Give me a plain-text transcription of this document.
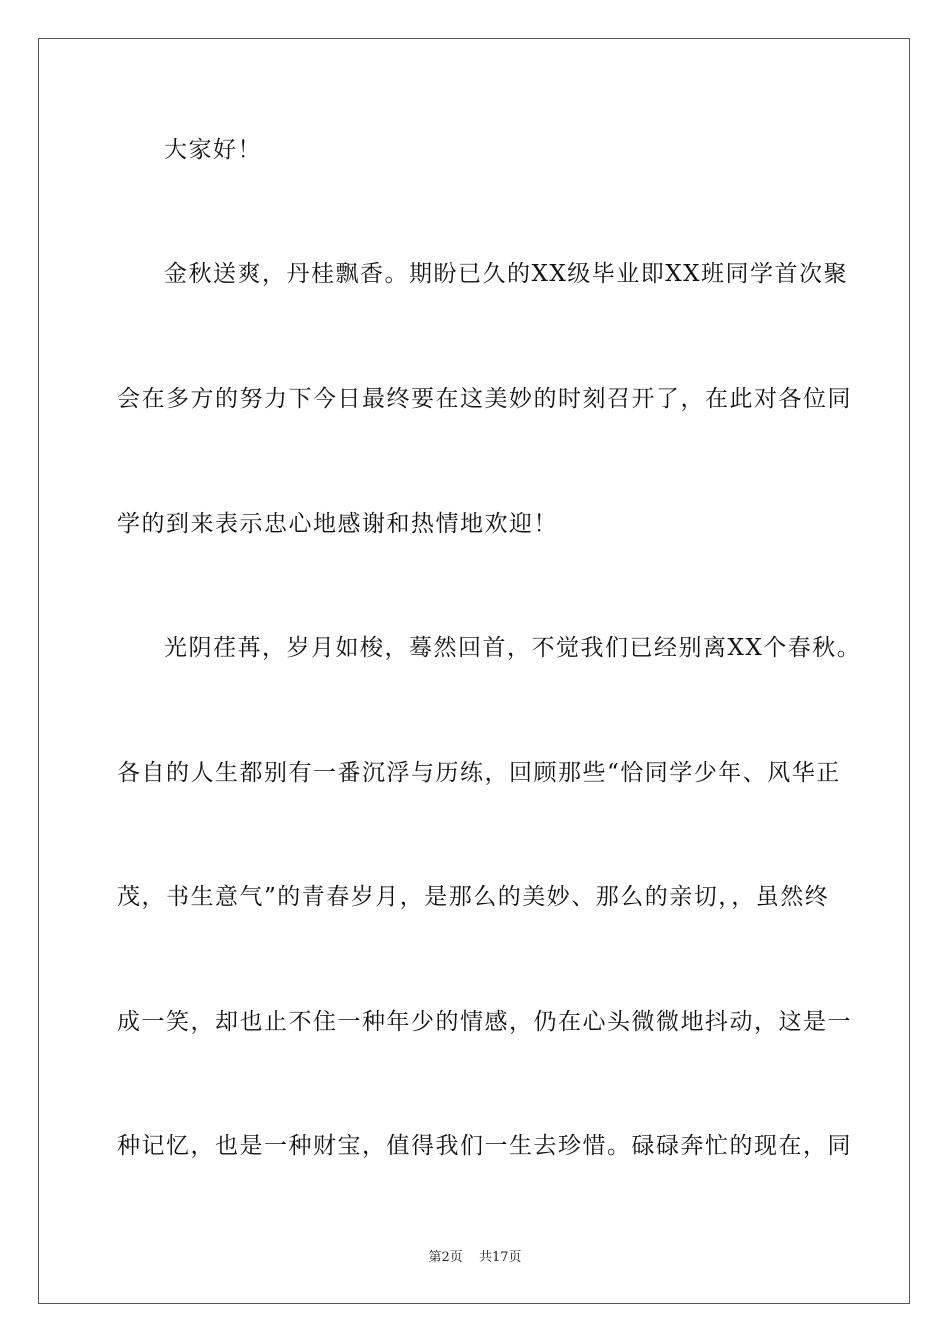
大家好！
金秋送爽，丹桂飘香。期盼已久的XX级毕业即XX班同学首次聚
会在多方的努力下今日最终要在这美妙的时刻召开了，在此对各位同
学的到来表示忠心地感谢和热情地欢迎！
光阴荏苒，岁月如梭，蓦然回首，不觉我们已经别离XX个春秋。
各自的人生都别有一番沉浮与历练，回顾那些“恰同学少年、风华正
茂，书生意气”的青春岁月，是那么的美妙、那么的亲切，，虽然终
成一笑，却也止不住一种年少的情感，仍在心头微微地抖动，这是一
种记忆，也是一种财宝，值得我们一生去珍惜。碌碌奔忙的现在，同
第2页 共17页
